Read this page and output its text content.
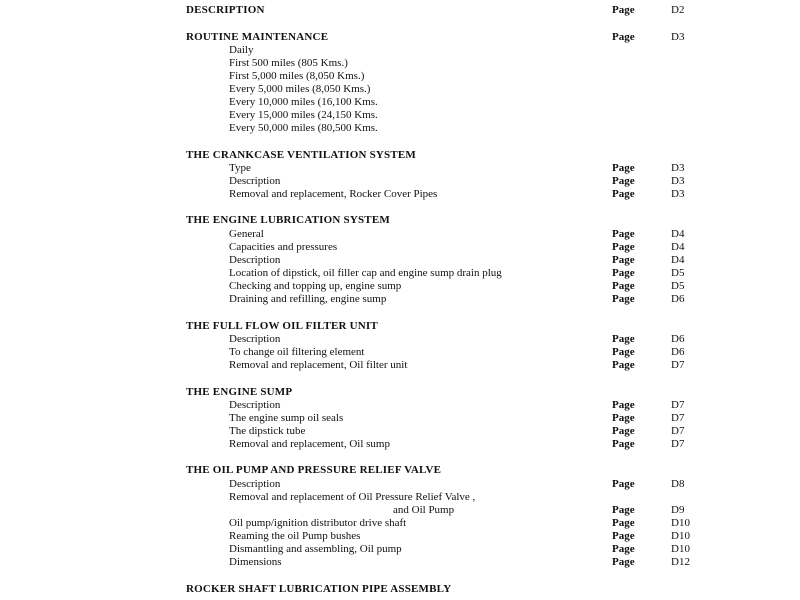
DESCRIPTION	Page	D2
ROUTINE MAINTENANCE	Page	D3
Daily
First 500 miles (805 Kms.)
First 5,000 miles (8,050 Kms.)
Every 5,000 miles (8,050 Kms.)
Every 10,000 miles (16,100 Kms.
Every 15,000 miles (24,150 Kms.
Every 50,000 miles (80,500 Kms.
THE CRANKCASE VENTILATION SYSTEM
Type	Page	D3
Description	Page	D3
Removal and replacement, Rocker Cover Pipes	Page	D3
THE ENGINE LUBRICATION SYSTEM
General	Page	D4
Capacities and pressures	Page	D4
Description	Page	D4
Location of dipstick, oil filler cap and engine sump drain plug	Page	D5
Checking and topping up, engine sump	Page	D5
Draining and refilling, engine sump	Page	D6
THE FULL FLOW OIL FILTER UNIT
Description	Page	D6
To change oil filtering element	Page	D6
Removal and replacement, Oil filter unit	Page	D7
THE ENGINE SUMP
Description	Page	D7
The engine sump oil seals	Page	D7
The dipstick tube	Page	D7
Removal and replacement, Oil sump	Page	D7
THE OIL PUMP AND PRESSURE RELIEF VALVE
Description	Page	D8
Removal and replacement of Oil Pressure Relief Valve ,
and Oil Pump	Page	D9
Oil pump/ignition distributor drive shaft	Page	D10
Reaming the oil Pump bushes	Page	D10
Dismantling and assembling, Oil pump	Page	D10
Dimensions	Page	D12
ROCKER SHAFT LUBRICATION PIPE ASSEMBLY
